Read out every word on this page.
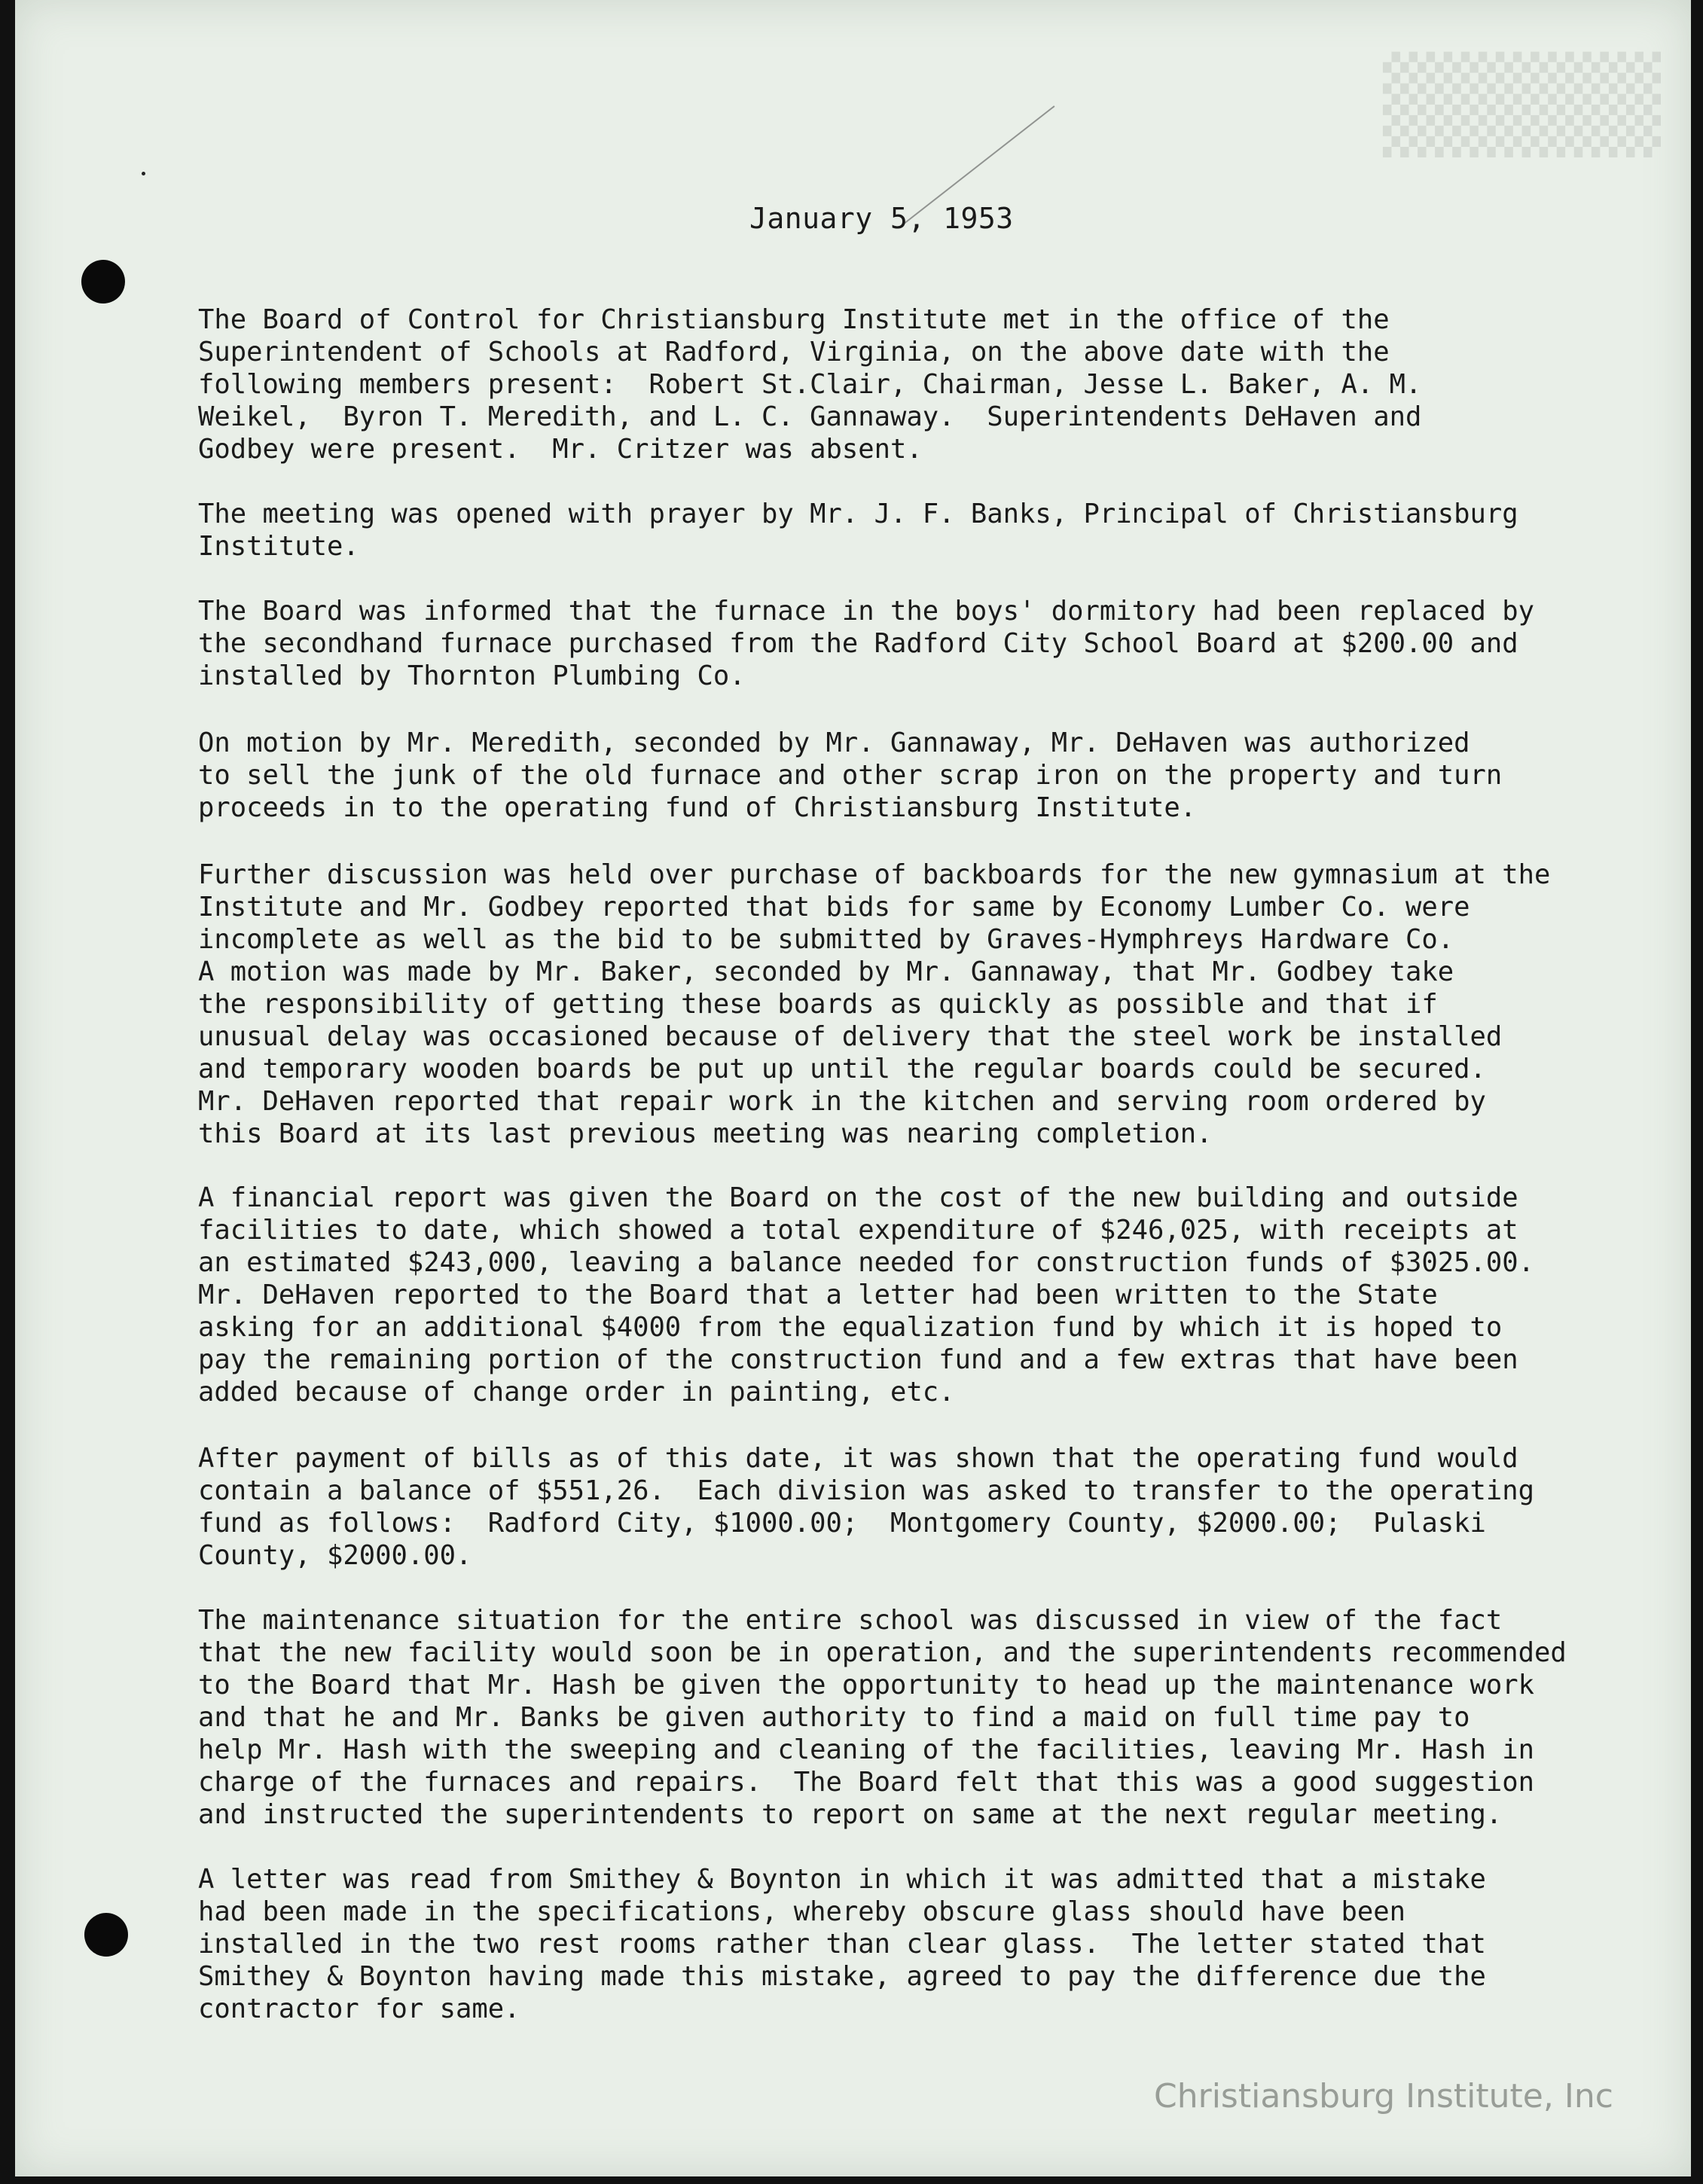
▒▒▒▒
January 5, 1953

The Board of Control for Christiansburg Institute met in the office of the
Superintendent of Schools at Radford, Virginia, on the above date with the
following members present:  Robert St.Clair, Chairman, Jesse L. Baker, A. M.
Weikel,  Byron T. Meredith, and L. C. Gannaway.  Superintendents DeHaven and
Godbey were present.  Mr. Critzer was absent.

The meeting was opened with prayer by Mr. J. F. Banks, Principal of Christiansburg
Institute.

The Board was informed that the furnace in the boys' dormitory had been replaced by
the secondhand furnace purchased from the Radford City School Board at $200.00 and
installed by Thornton Plumbing Co.

On motion by Mr. Meredith, seconded by Mr. Gannaway, Mr. DeHaven was authorized
to sell the junk of the old furnace and other scrap iron on the property and turn
proceeds in to the operating fund of Christiansburg Institute.

Further discussion was held over purchase of backboards for the new gymnasium at the
Institute and Mr. Godbey reported that bids for same by Economy Lumber Co. were
incomplete as well as the bid to be submitted by Graves-Hymphreys Hardware Co.
A motion was made by Mr. Baker, seconded by Mr. Gannaway, that Mr. Godbey take
the responsibility of getting these boards as quickly as possible and that if
unusual delay was occasioned because of delivery that the steel work be installed
and temporary wooden boards be put up until the regular boards could be secured.
Mr. DeHaven reported that repair work in the kitchen and serving room ordered by
this Board at its last previous meeting was nearing completion.

A financial report was given the Board on the cost of the new building and outside
facilities to date, which showed a total expenditure of $246,025, with receipts at
an estimated $243,000, leaving a balance needed for construction funds of $3025.00.
Mr. DeHaven reported to the Board that a letter had been written to the State
asking for an additional $4000 from the equalization fund by which it is hoped to
pay the remaining portion of the construction fund and a few extras that have been
added because of change order in painting, etc.

After payment of bills as of this date, it was shown that the operating fund would
contain a balance of $551,26.  Each division was asked to transfer to the operating
fund as follows:  Radford City, $1000.00;  Montgomery County, $2000.00;  Pulaski
County, $2000.00.

The maintenance situation for the entire school was discussed in view of the fact
that the new facility would soon be in operation, and the superintendents recommended
to the Board that Mr. Hash be given the opportunity to head up the maintenance work
and that he and Mr. Banks be given authority to find a maid on full time pay to
help Mr. Hash with the sweeping and cleaning of the facilities, leaving Mr. Hash in
charge of the furnaces and repairs.  The Board felt that this was a good suggestion
and instructed the superintendents to report on same at the next regular meeting.

A letter was read from Smithey & Boynton in which it was admitted that a mistake
had been made in the specifications, whereby obscure glass should have been
installed in the two rest rooms rather than clear glass.  The letter stated that
Smithey & Boynton having made this mistake, agreed to pay the difference due the
contractor for same.

Christiansburg Institute, Inc
